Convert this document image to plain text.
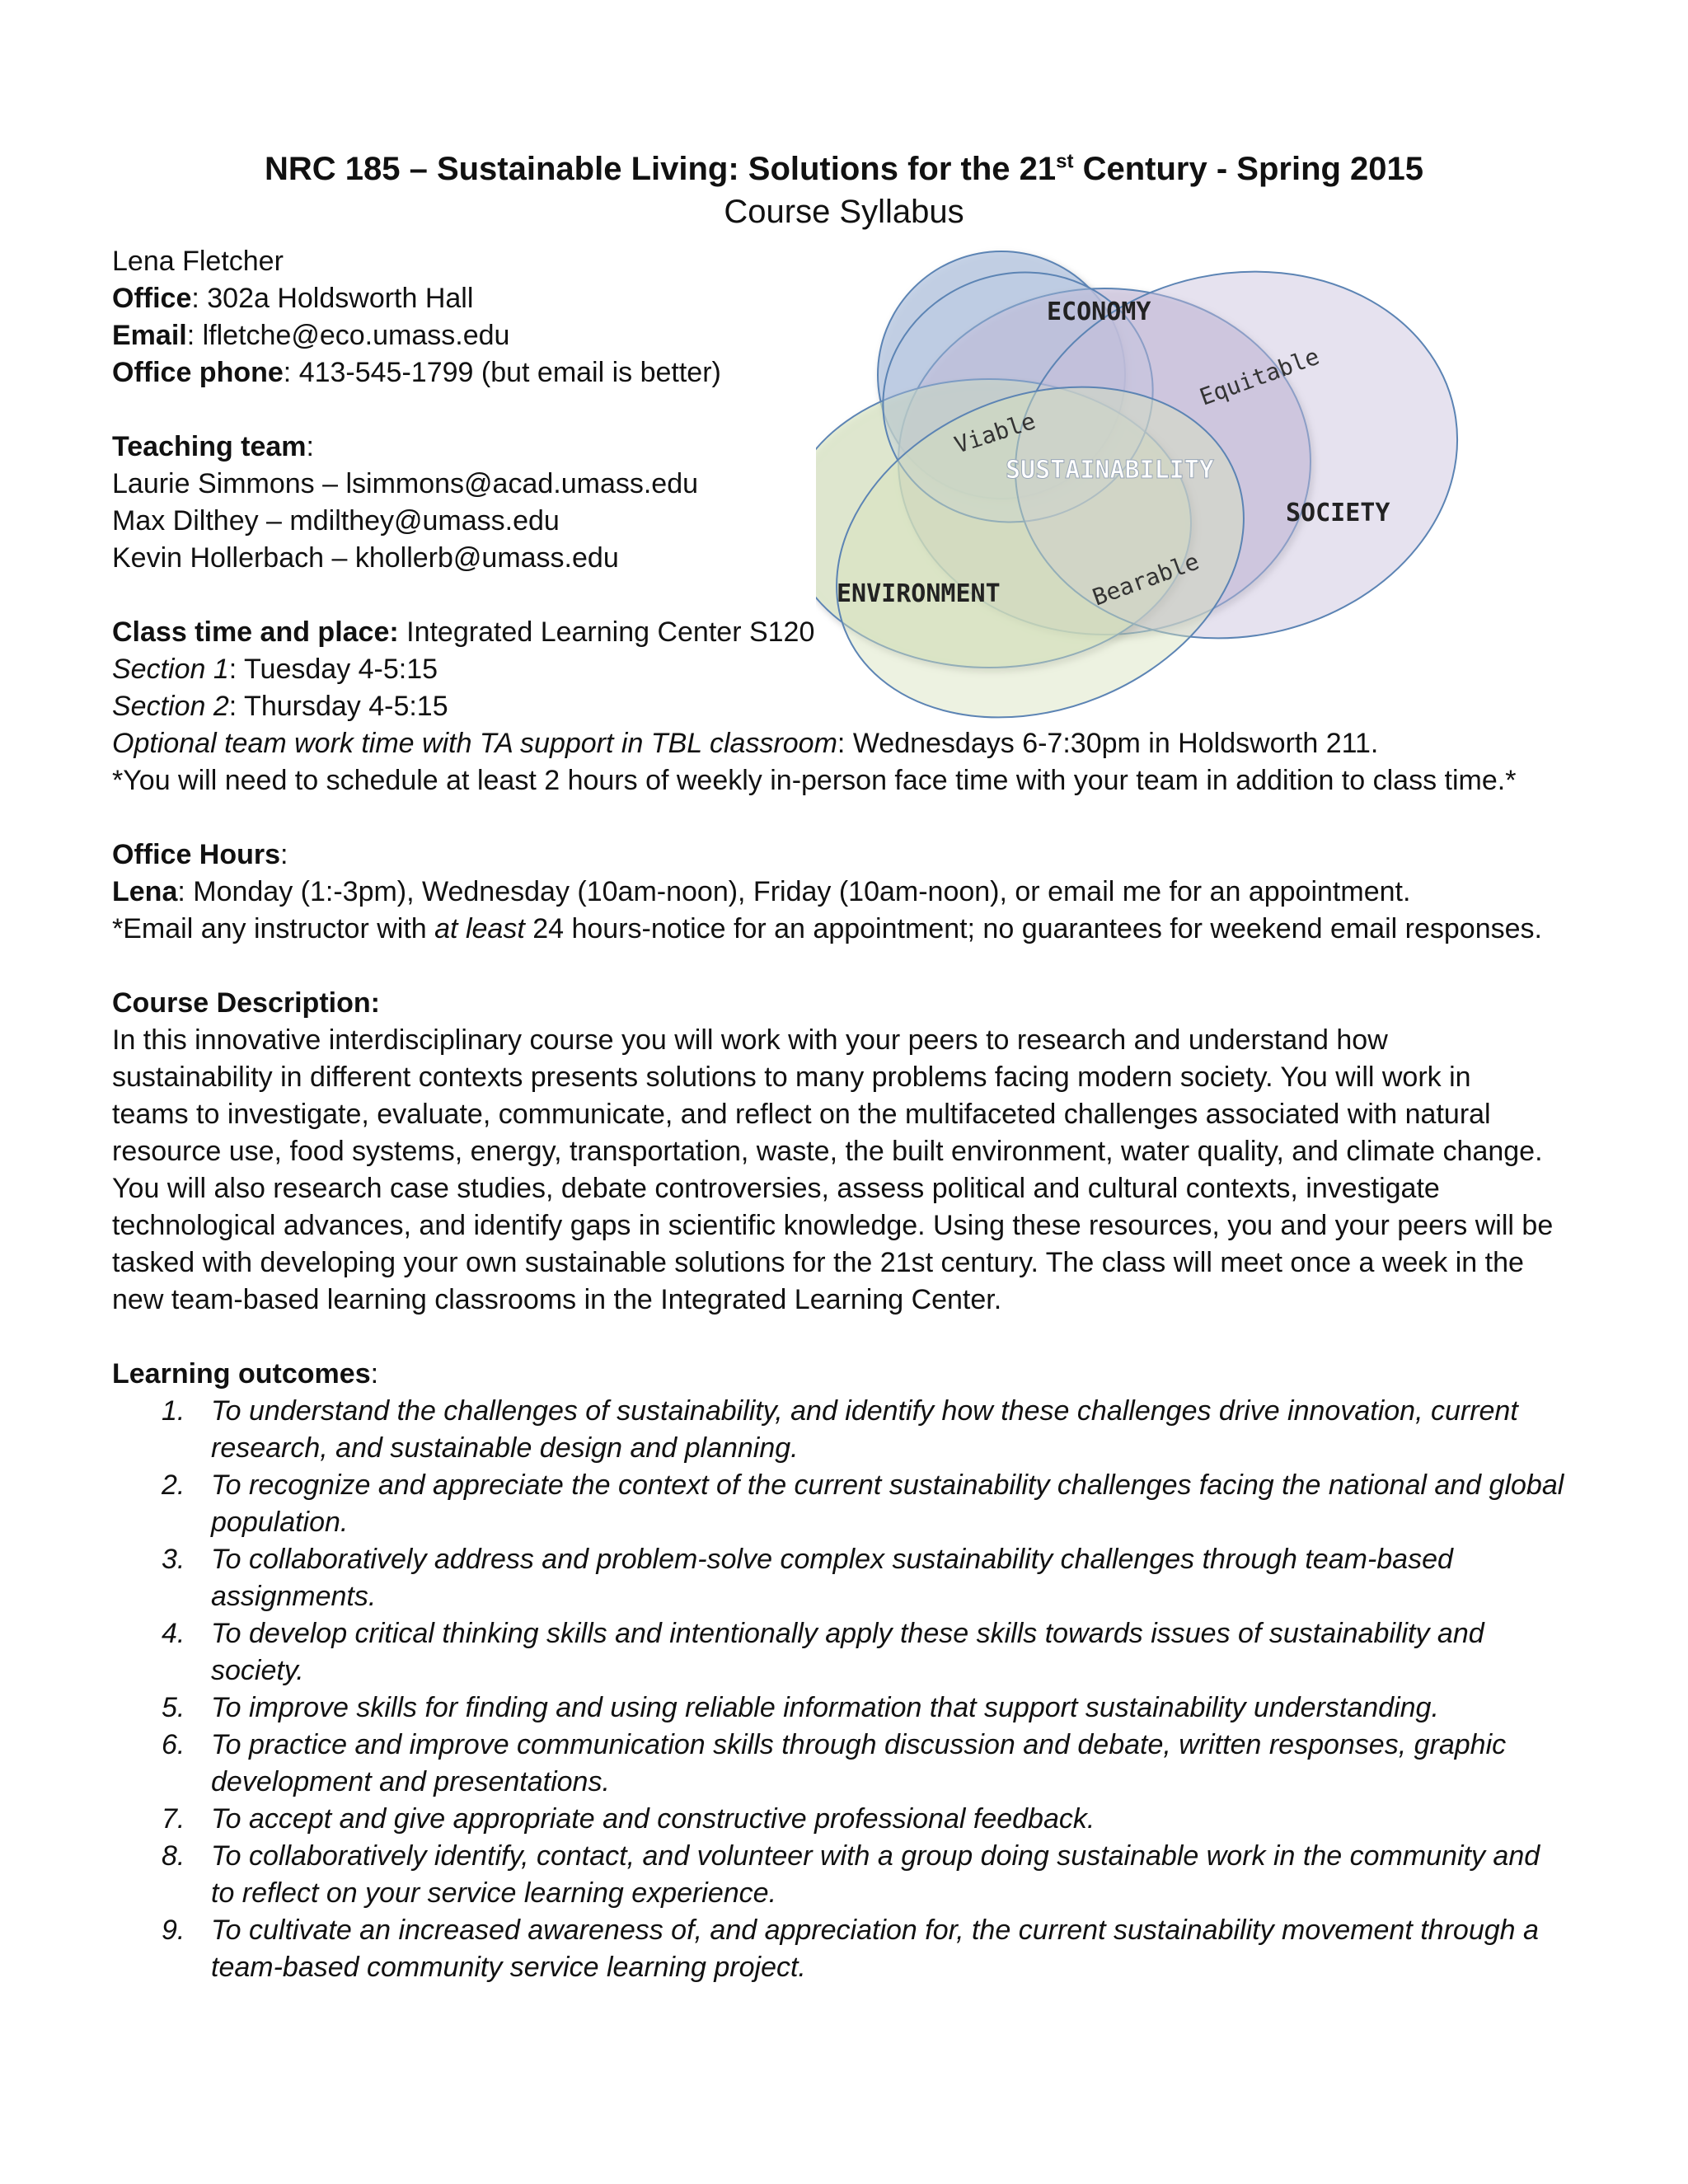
NRC 185 – Sustainable Living: Solutions for the 21st Century - Spring 2015

Course Syllabus

ECONOMY
SOCIETY
ENVIRONMENT
SUSTAINABILITY
Viable
Equitable
Bearable

Lena Fletcher

Office: 302a Holdsworth Hall

Email: lfletche@eco.umass.edu

Office phone: 413-545-1799 (but email is better)

Teaching team:

Laurie Simmons – lsimmons@acad.umass.edu

Max Dilthey – mdilthey@umass.edu

Kevin Hollerbach – khollerb@umass.edu

Class time and place: Integrated Learning Center S120

Section 1: Tuesday 4-5:15

Section 2: Thursday 4-5:15

Optional team work time with TA support in TBL classroom: Wednesdays 6-7:30pm in Holdsworth 211.

*You will need to schedule at least 2 hours of weekly in-person face time with your team in addition to class time.*

Office Hours:

Lena: Monday (1:-3pm), Wednesday (10am-noon), Friday (10am-noon), or email me for an appointment.

*Email any instructor with at least 24 hours-notice for an appointment; no guarantees for weekend email responses.

Course Description:

In this innovative interdisciplinary course you will work with your peers to research and understand how

sustainability in different contexts presents solutions to many problems facing modern society. You will work in

teams to investigate, evaluate, communicate, and reflect on the multifaceted challenges associated with natural

resource use, food systems, energy, transportation, waste, the built environment, water quality, and climate change.

You will also research case studies, debate controversies, assess political and cultural contexts, investigate

technological advances, and identify gaps in scientific knowledge. Using these resources, you and your peers will be

tasked with developing your own sustainable solutions for the 21st century. The class will meet once a week in the

new team-based learning classrooms in the Integrated Learning Center.

Learning outcomes:

1. To understand the challenges of sustainability, and identify how these challenges drive innovation, current

research, and sustainable design and planning.

2. To recognize and appreciate the context of the current sustainability challenges facing the national and global

population.

3. To collaboratively address and problem-solve complex sustainability challenges through team-based

assignments.

4. To develop critical thinking skills and intentionally apply these skills towards issues of sustainability and

society.

5. To improve skills for finding and using reliable information that support sustainability understanding.

6. To practice and improve communication skills through discussion and debate, written responses, graphic

development and presentations.

7. To accept and give appropriate and constructive professional feedback.

8. To collaboratively identify, contact, and volunteer with a group doing sustainable work in the community and

to reflect on your service learning experience.

9. To cultivate an increased awareness of, and appreciation for, the current sustainability movement through a

team-based community service learning project.
